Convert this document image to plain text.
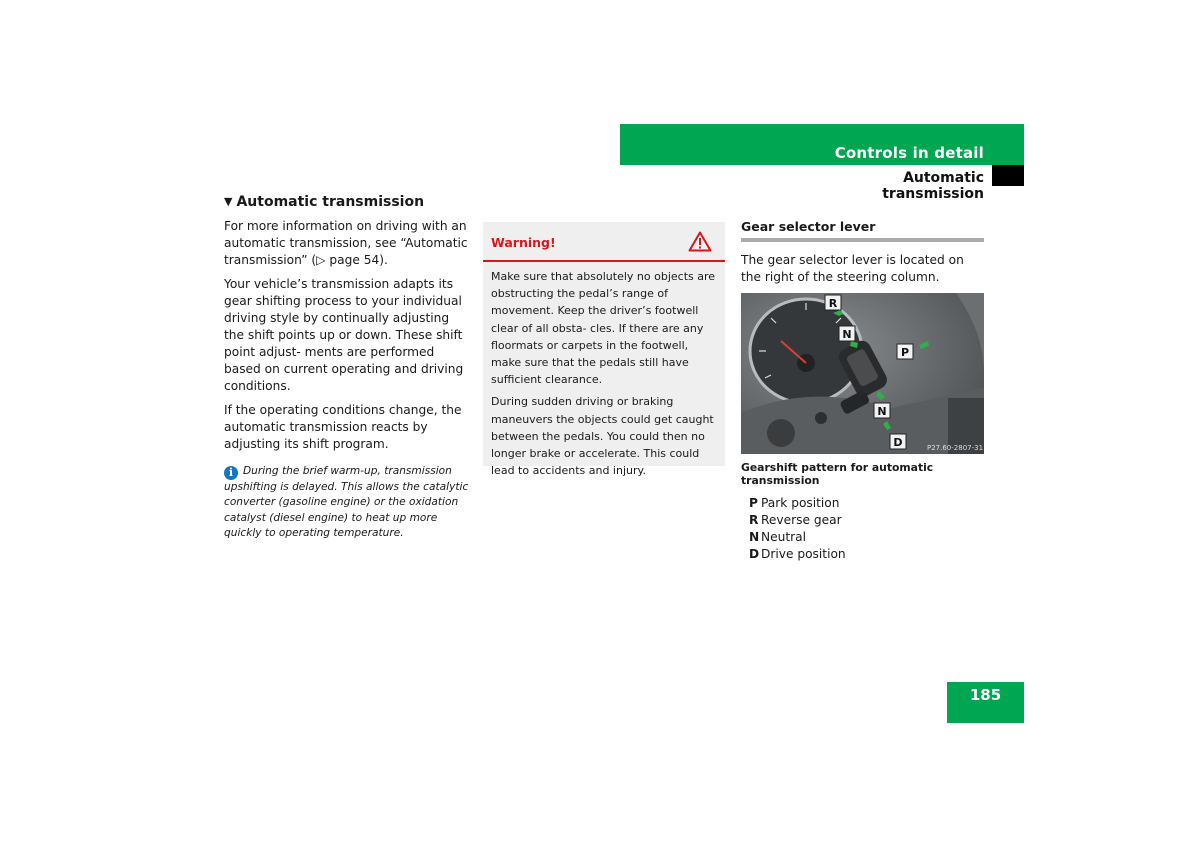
Controls in detail
Automatic transmission
▼ Automatic transmission

For more information on driving with an automatic transmission, see “Automatic transmission” (▷ page 54).

Your vehicle’s transmission adapts its gear shifting process to your individual driving style by continually adjusting the shift points up or down. These shift point adjust- ments are performed based on current operating and driving conditions.

If the operating conditions change, the automatic transmission reacts by adjusting its shift program.

i During the brief warm-up, transmission upshifting is delayed. This allows the catalytic converter (gasoline engine) or the oxidation catalyst (diesel engine) to heat up more quickly to operating temperature.
Warning!

Make sure that absolutely no objects are obstructing the pedal’s range of movement. Keep the driver’s footwell clear of all obsta- cles. If there are any floormats or carpets in the footwell, make sure that the pedals still have sufficient clearance.

During sudden driving or braking maneuvers the objects could get caught between the pedals. You could then no longer brake or accelerate. This could lead to accidents and injury.

Gear selector lever

The gear selector lever is located on the right of the steering column.

R
N
P
N
D	P27.60-2807-31
Gearshift pattern for automatic transmission
P Park position
R Reverse gear
N Neutral
D Drive position
185
